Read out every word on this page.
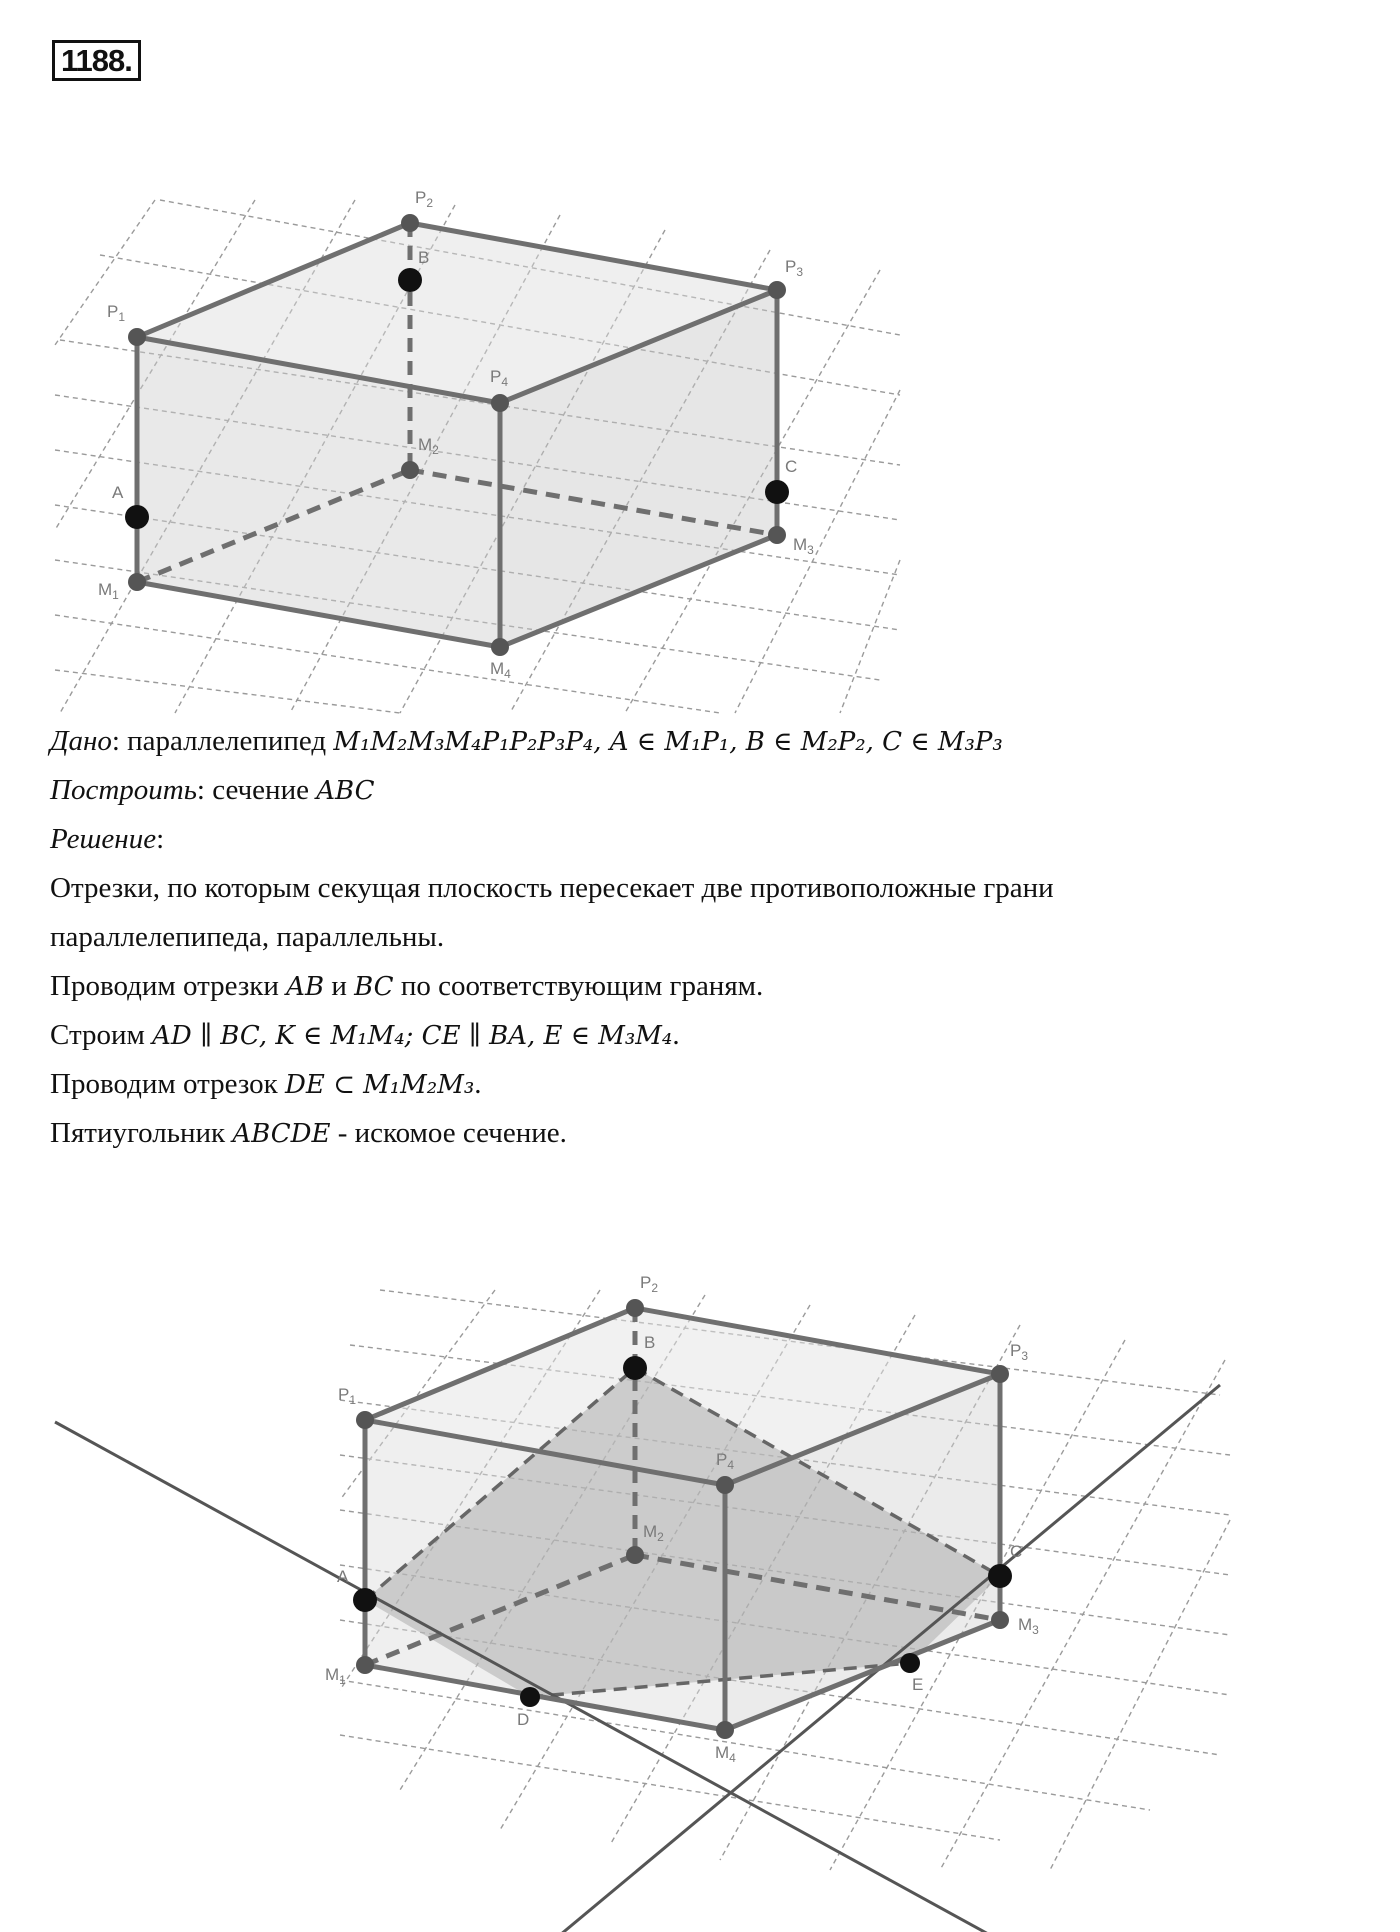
1188.
$P_1$
$P_2$
$P_3$
$P_4$
B
$M_2$
A
C
$M_3$
$M_1$
$M_4$
Дано: параллелепипед M₁M₂M₃M₄P₁P₂P₃P₄, A ∈ M₁P₁, B ∈ M₂P₂, C ∈ M₃P₃
Построить: сечение ABC
Решение:
Отрезки, по которым секущая плоскость пересекает две противоположные грани
параллелепипеда, параллельны.
Проводим отрезки AB и BC по соответствующим граням.
Строим AD ∥ BC, K ∈ M₁M₄; CE ∥ BA, E ∈ M₃M₄.
Проводим отрезок DE ⊂ M₁M₂M₃.
Пятиугольник ABCDE - искомое сечение.
$P_1$
$P_2$
$P_3$
$P_4$
B
$M_2$
A
C
$M_3$
$M_1$
$M_4$
D
E
